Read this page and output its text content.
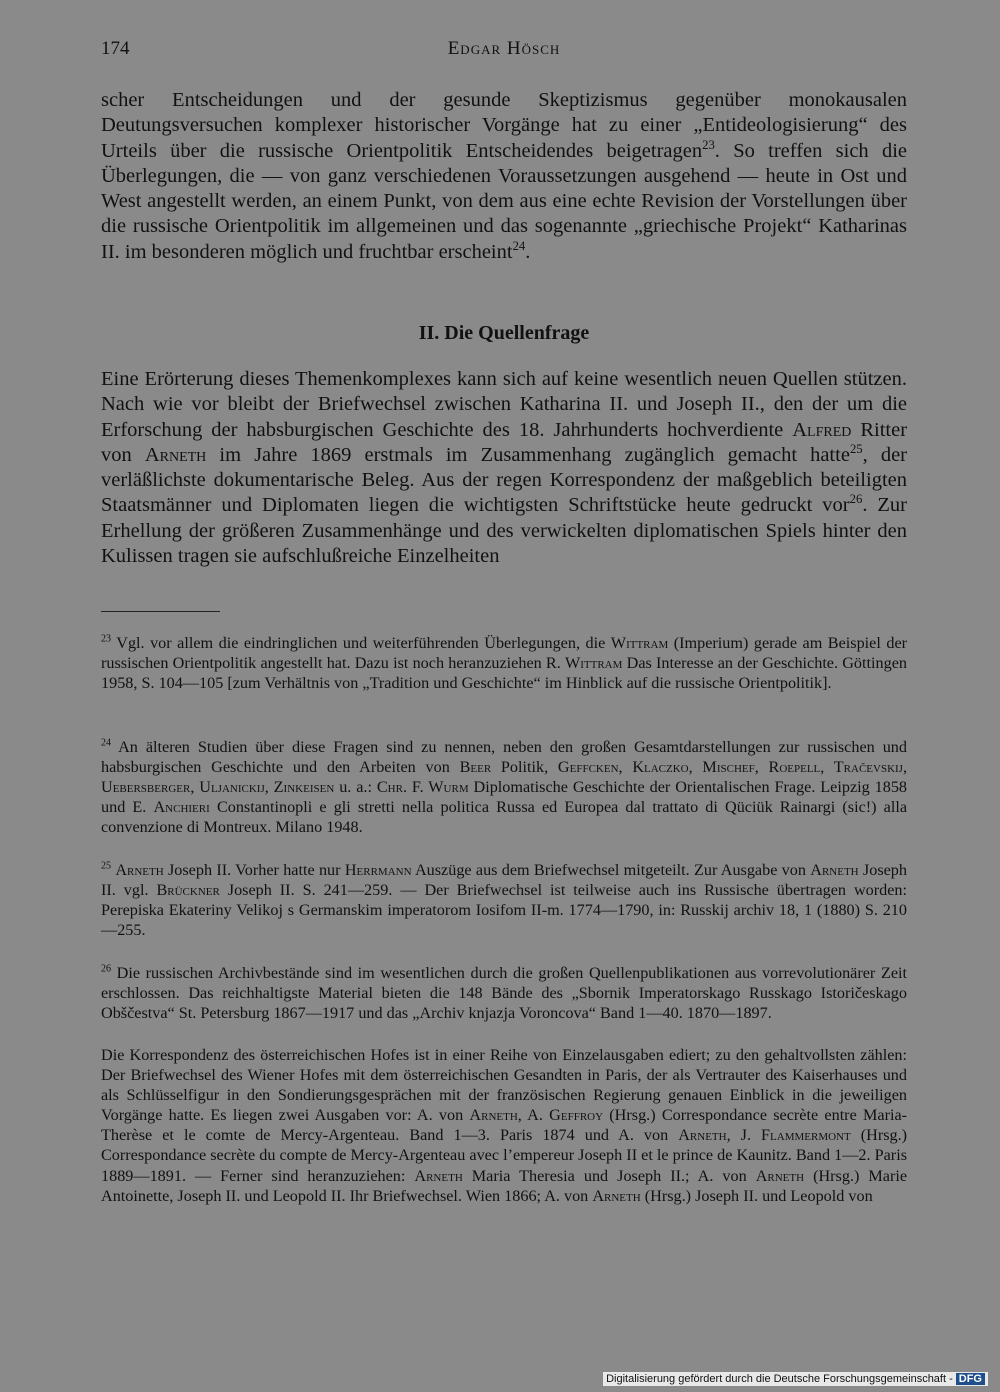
174	Edgar Hösch
scher Entscheidungen und der gesunde Skeptizismus gegenüber monokausalen Deutungsversuchen komplexer historischer Vorgänge hat zu einer „Entideologisierung“ des Urteils über die russische Orientpolitik Entscheidendes beigetragen$^{23}$. So treffen sich die Überlegungen, die — von ganz verschiedenen Voraussetzungen ausgehend — heute in Ost und West angestellt werden, an einem Punkt, von dem aus eine echte Revision der Vorstellungen über die russische Orientpolitik im allgemeinen und das sogenannte „griechische Projekt“ Katharinas II. im besonderen möglich und fruchtbar erscheint$^{24}$.
II. Die Quellenfrage
Eine Erörterung dieses Themenkomplexes kann sich auf keine wesentlich neuen Quellen stützen. Nach wie vor bleibt der Briefwechsel zwischen Katharina II. und Joseph II., den der um die Erforschung der habsburgischen Geschichte des 18. Jahrhunderts hochverdiente Alfred Ritter von Arneth im Jahre 1869 erstmals im Zusammenhang zugänglich gemacht hatte$^{25}$, der verläßlichste dokumentarische Beleg. Aus der regen Korrespondenz der maßgeblich beteiligten Staatsmänner und Diplomaten liegen die wichtigsten Schriftstücke heute gedruckt vor$^{26}$. Zur Erhellung der größeren Zusammenhänge und des verwickelten diplomatischen Spiels hinter den Kulissen tragen sie aufschlußreiche Einzelheiten
$^{23}$ Vgl. vor allem die eindringlichen und weiterführenden Überlegungen, die Wittram (Imperium) gerade am Beispiel der russischen Orientpolitik angestellt hat. Dazu ist noch heranzuziehen R. Wittram Das Interesse an der Geschichte. Göttingen 1958, S. 104—105 [zum Verhältnis von „Tradition und Geschichte“ im Hinblick auf die russische Orientpolitik].
$^{24}$ An älteren Studien über diese Fragen sind zu nennen, neben den großen Gesamtdarstellungen zur russischen und habsburgischen Geschichte und den Arbeiten von Beer Politik, Geffcken, Klaczko, Mischef, Roepell, Tračevskij, Uebersberger, Uljanickij, Zinkeisen u. a.: Chr. F. Wurm Diplomatische Geschichte der Orientalischen Frage. Leipzig 1858 und E. Anchieri Constantinopli e gli stretti nella politica Russa ed Europea dal trattato di Qüciük Rainargi (sic!) alla convenzione di Montreux. Milano 1948.
$^{25}$ Arneth Joseph II. Vorher hatte nur Herrmann Auszüge aus dem Briefwechsel mitgeteilt. Zur Ausgabe von Arneth Joseph II. vgl. Brückner Joseph II. S. 241—259. — Der Briefwechsel ist teilweise auch ins Russische übertragen worden: Perepiska Ekateriny Velikoj s Germanskim imperatorom Iosifom II-m. 1774—1790, in: Russkij archiv 18, 1 (1880) S. 210—255.
$^{26}$ Die russischen Archivbestände sind im wesentlichen durch die großen Quellenpublikationen aus vorrevolutionärer Zeit erschlossen. Das reichhaltigste Material bieten die 148 Bände des „Sbornik Imperatorskago Russkago Istoričeskago Obščestva“ St. Petersburg 1867—1917 und das „Archiv knjazja Voroncova“ Band 1—40. 1870—1897.
Die Korrespondenz des österreichischen Hofes ist in einer Reihe von Einzelausgaben ediert; zu den gehaltvollsten zählen: Der Briefwechsel des Wiener Hofes mit dem österreichischen Gesandten in Paris, der als Vertrauter des Kaiserhauses und als Schlüsselfigur in den Sondierungsgesprächen mit der französischen Regierung genauen Einblick in die jeweiligen Vorgänge hatte. Es liegen zwei Ausgaben vor: A. von Arneth, A. Geffroy (Hrsg.) Correspondance secrète entre Maria-Therèse et le comte de Mercy-Argenteau. Band 1—3. Paris 1874 und A. von Arneth, J. Flammermont (Hrsg.) Correspondance secrète du compte de Mercy-Argenteau avec l’empereur Joseph II et le prince de Kaunitz. Band 1—2. Paris 1889—1891. — Ferner sind heranzuziehen: Arneth Maria Theresia und Joseph II.; A. von Arneth (Hrsg.) Marie Antoinette, Joseph II. und Leopold II. Ihr Briefwechsel. Wien 1866; A. von Arneth (Hrsg.) Joseph II. und Leopold von
Digitalisierung gefördert durch die Deutsche Forschungsgemeinschaft - DFG
